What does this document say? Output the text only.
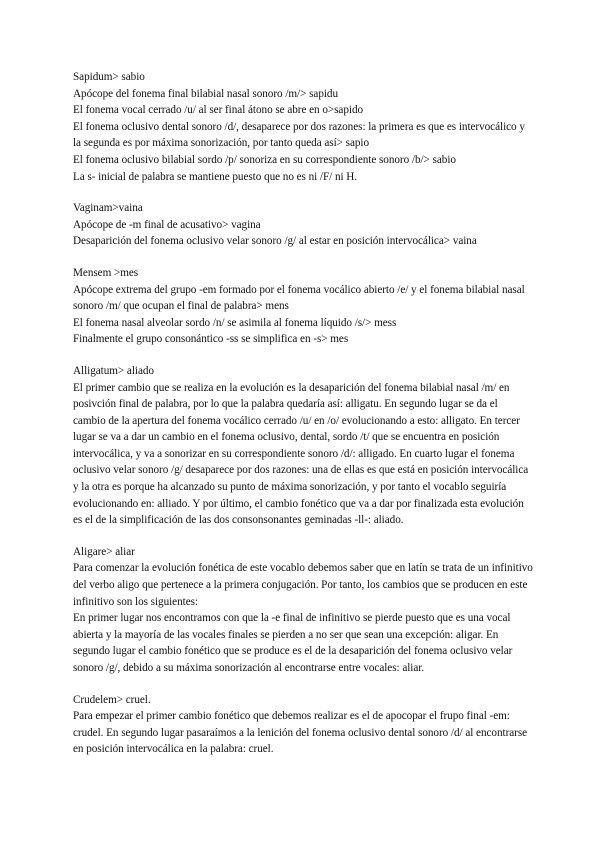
Sapidum> sabio

Apócope del fonema final bilabial nasal sonoro /m/> sapidu

El fonema vocal cerrado /u/ al ser final átono se abre en o>sapido

El fonema oclusivo dental sonoro /d/, desaparece por dos razones: la primera es que es intervocálico y la segunda es por máxima sonorización, por tanto queda así> sapio

El fonema oclusivo bilabial sordo /p/ sonoriza en su correspondiente sonoro /b/> sabio

La s- inicial de palabra se mantiene puesto que no es ni /F/ ni H.

Vaginam>vaina

Apócope de -m final de acusativo> vagina

Desaparición del fonema oclusivo velar sonoro /g/ al estar en posición intervocálica> vaina

Mensem >mes

Apócope extrema del grupo -em formado por el fonema vocálico abierto /e/ y el fonema bilabial nasal sonoro /m/ que ocupan el final de palabra> mens

El fonema nasal alveolar sordo /n/ se asimila al fonema líquido /s/> mess

Finalmente el grupo consonántico -ss se simplifica en -s> mes

Alligatum> aliado

El primer cambio que se realiza en la evolución es la desaparición del fonema bilabial nasal /m/ en posivción final de palabra, por lo que la palabra quedaría así: alligatu. En segundo lugar se da el cambio de la apertura del fonema vocálico cerrado /u/ en /o/ evolucionando a esto: alligato. En tercer lugar se va a dar un cambio en el fonema oclusivo, dental, sordo /t/ que se encuentra en posición intervocálica, y va a sonorizar en su correspondiente sonoro /d/: alligado. En cuarto lugar el fonema oclusivo velar sonoro /g/ desaparece por dos razones: una de ellas es que está en posición intervocálica y la otra es porque ha alcanzado su punto de máxima sonorización, y por tanto el vocablo seguiría evolucionando en: alliado. Y por último, el cambio fonético que va a dar por finalizada esta evolución es el de la simplificación de las dos consonsonantes geminadas -ll-: aliado.

Aligare> aliar

Para comenzar la evolución fonética de este vocablo debemos saber que en latín se trata de un infinitivo del verbo aligo que pertenece a la primera conjugación. Por tanto, los cambios que se producen en este infinitivo son los siguientes:

En primer lugar nos encontramos con que la -e final de infinitivo se pierde puesto que es una vocal abierta y la mayoría de las vocales finales se pierden a no ser que sean una excepción: aligar. En segundo lugar el cambio fonético que se produce es el de la desaparición del fonema oclusivo velar sonoro /g/, debido a su máxima sonorización al encontrarse entre vocales: aliar.

Crudelem> cruel.

Para empezar el primer cambio fonético que debemos realizar es el de apocopar el frupo final -em: crudel. En segundo lugar pasaraímos a la lenición del fonema oclusivo dental sonoro /d/ al encontrarse en posición intervocálica en la palabra: cruel.
